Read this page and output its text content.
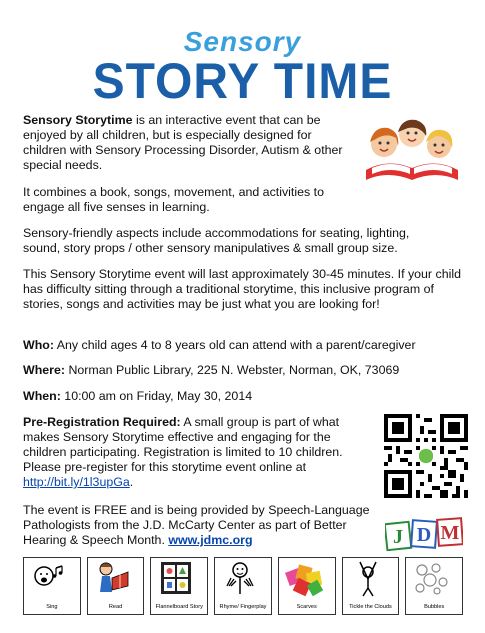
Sensory
STORY TIME
Sensory Storytime is an interactive event that can be enjoyed by all children, but is especially designed for children with Sensory Processing Disorder, Autism & other special needs.
It combines a book, songs, movement, and activities to engage all five senses in learning.
Sensory-friendly aspects include accommodations for seating, lighting, sound, story props / other sensory manipulatives & small group size.
This Sensory Storytime event will last approximately 30-45 minutes. If your child has difficulty sitting through a traditional storytime, this inclusive program of stories, songs and activities may be just what you are looking for!
Who: Any child ages 4 to 8 years old can attend with a parent/caregiver
Where: Norman Public Library, 225 N. Webster, Norman, OK, 73069
When: 10:00 am on Friday, May 30, 2014
Pre-Registration Required: A small group is part of what makes Sensory Storytime effective and engaging for the children participating. Registration is limited to 10 children. Please pre-register for this storytime event online at http://bit.ly/1l3upGa.
The event is FREE and is being provided by Speech-Language Pathologists from the J.D. McCarty Center as part of Better Hearing & Speech Month. www.jdmc.org	J D M
Sing	Read	Flannelboard Story	Rhyme/ Fingerplay	Scarves	Tickle the Clouds	Bubbles
